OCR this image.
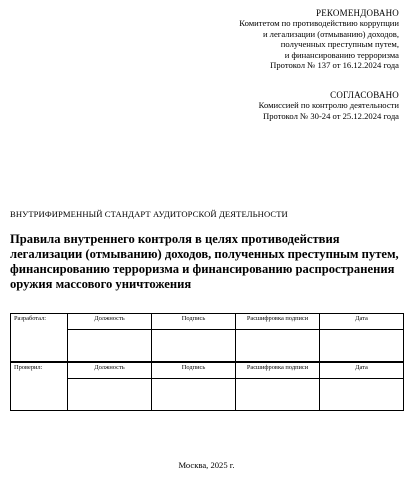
РЕКОМЕНДОВАНО
Комитетом по противодействию коррупции
и легализации (отмыванию) доходов,
полученных преступным путем,
и финансированию терроризма
Протокол № 137 от 16.12.2024 года
СОГЛАСОВАНО
Комиссией по контролю деятельности
Протокол № 30-24 от 25.12.2024 года
ВНУТРИФИРМЕННЫЙ СТАНДАРТ АУДИТОРСКОЙ ДЕЯТЕЛЬНОСТИ
Правила внутреннего контроля в целях противодействия легализации (отмыванию) доходов, полученных преступным путем, финансированию терроризма и финансированию распространения оружия массового уничтожения
Разработал:	Должность	Подпись	Расшифровка подписи	Дата

Проверил:	Должность	Подпись	Расшифровка подписи	Дата

Москва, 2025 г.
